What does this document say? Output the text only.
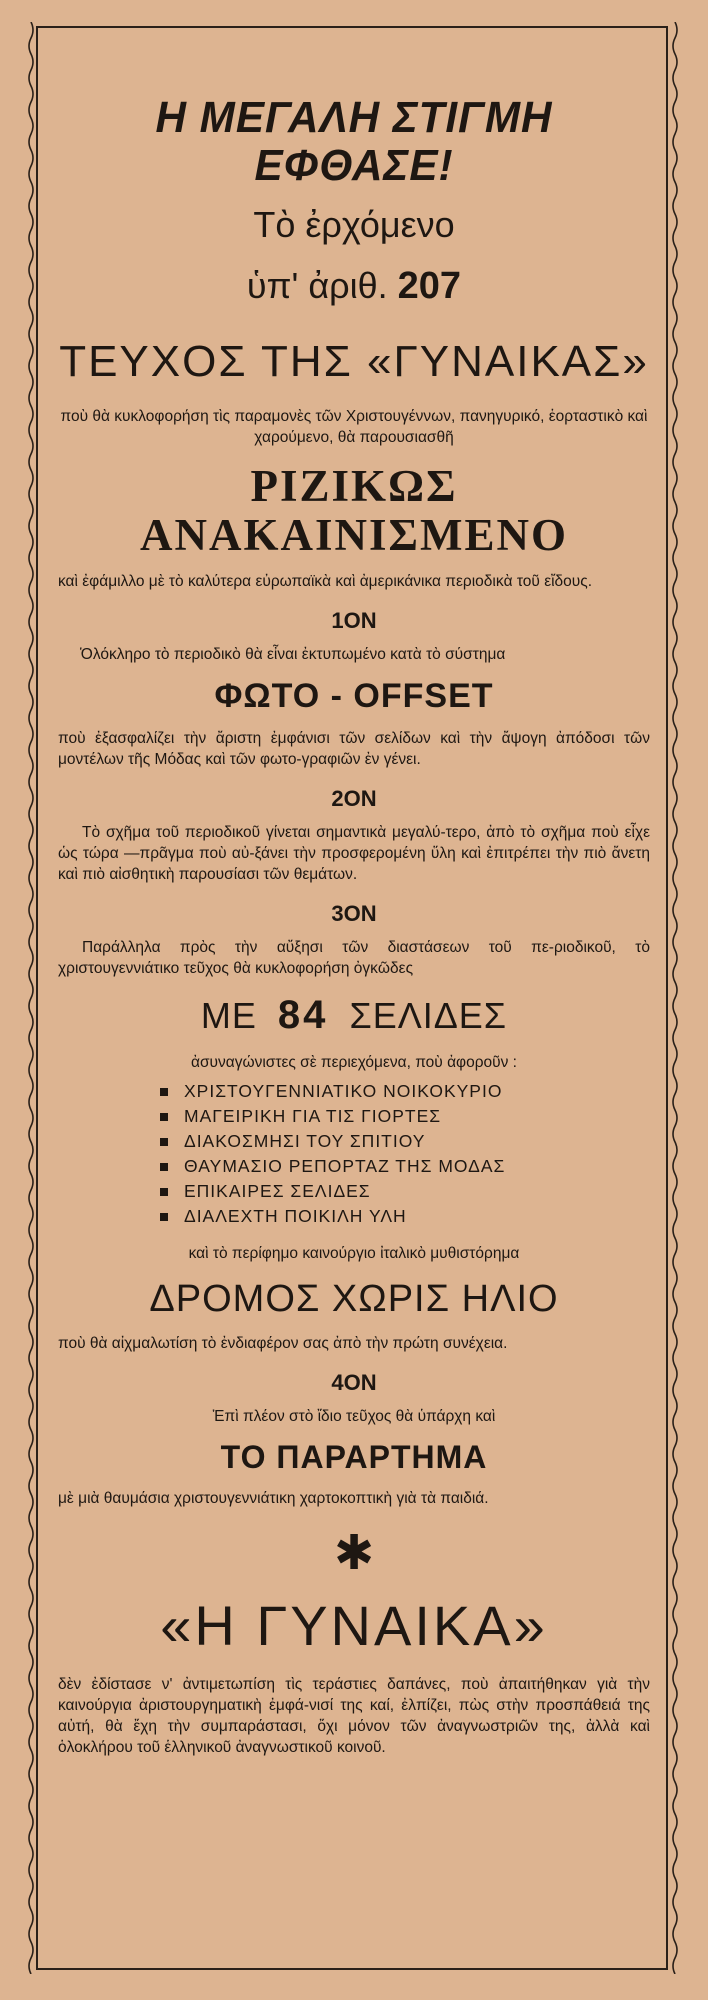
Η ΜΕΓΑΛΗ ΣΤΙΓΜΗ ΕΦΘΑΣΕ!
Τὸ ἐρχόμενο
ὑπ' ἀριθ. 207
ΤΕΥΧΟΣ ΤΗΣ «ΓΥΝΑΙΚΑΣ»

ποὺ θὰ κυκλοφορήση τὶς παραμονὲς τῶν Χριστουγέννων, πανηγυρικό, ἑορταστικὸ καὶ χαρούμενο, θὰ παρουσιασθῆ

ΡΙΖΙΚΩΣ ΑΝΑΚΑΙΝΙΣΜΕΝΟ

καὶ ἐφάμιλλο μὲ τὸ καλύτερα εὐρωπαϊκὰ καὶ ἀμερικάνικα περιοδικὰ τοῦ εἴδους.

1ΟΝ

Ὁλόκληρο τὸ περιοδικὸ θὰ εἶναι ἐκτυπωμένο κατὰ τὸ σύστημα

ΦΩΤΟ - OFFSET

ποὺ ἐξασφαλίζει τὴν ἄριστη ἐμφάνισι τῶν σελίδων καὶ τὴν ἄψογη ἀπόδοσι τῶν μοντέλων τῆς Μόδας καὶ τῶν φωτο-γραφιῶν ἐν γένει.

2ΟΝ

Τὸ σχῆμα τοῦ περιοδικοῦ γίνεται σημαντικὰ μεγαλύ-τερο, ἀπὸ τὸ σχῆμα ποὺ εἶχε ὡς τώρα —πρᾶγμα ποὺ αὐ-ξάνει τὴν προσφερομένη ὕλη καὶ ἐπιτρέπει τὴν πιὸ ἄνετη καὶ πιὸ αἰσθητικὴ παρουσίασι τῶν θεμάτων.

3ΟΝ

Παράλληλα πρὸς τὴν αὔξησι τῶν διαστάσεων τοῦ πε-ριοδικοῦ, τὸ χριστουγεννιάτικο τεῦχος θὰ κυκλοφορήση ὀγκῶδες

ΜΕ 84 ΣΕΛΙΔΕΣ

ἀσυναγώνιστες σὲ περιεχόμενα, ποὺ ἀφοροῦν :

ΧΡΙΣΤΟΥΓΕΝΝΙΑΤΙΚΟ ΝΟΙΚΟΚΥΡΙΟ
ΜΑΓΕΙΡΙΚΗ ΓΙΑ ΤΙΣ ΓΙΟΡΤΕΣ
ΔΙΑΚΟΣΜΗΣΙ ΤΟΥ ΣΠΙΤΙΟΥ
ΘΑΥΜΑΣΙΟ ΡΕΠΟΡΤΑΖ ΤΗΣ ΜΟΔΑΣ
ΕΠΙΚΑΙΡΕΣ ΣΕΛΙΔΕΣ
ΔΙΑΛΕΧΤΗ ΠΟΙΚΙΛΗ ΥΛΗ

καὶ τὸ περίφημο καινούργιο ἰταλικὸ μυθιστόρημα

ΔΡΟΜΟΣ ΧΩΡΙΣ ΗΛΙΟ

ποὺ θὰ αἰχμαλωτίση τὸ ἐνδιαφέρον σας ἀπὸ τὴν πρώτη συνέχεια.

4ΟΝ

Ἐπὶ πλέον στὸ ἴδιο τεῦχος θὰ ὑπάρχη καὶ

ΤΟ ΠΑΡΑΡΤΗΜΑ

μὲ μιὰ θαυμάσια χριστουγεννιάτικη χαρτοκοπτικὴ γιὰ τὰ παιδιά.

✱
«Η ΓΥΝΑΙΚΑ»

δὲν ἐδίστασε ν' ἀντιμετωπίση τὶς τεράστιες δαπάνες, ποὺ ἀπαιτήθηκαν γιὰ τὴν καινούργια ἀριστουργηματικὴ ἐμφά-νισί της καί, ἐλπίζει, πὼς στὴν προσπάθειά της αὐτή, θὰ ἔχη τὴν συμπαράστασι, ὄχι μόνον τῶν ἀναγνωστριῶν της, ἀλλὰ καὶ ὁλοκλήρου τοῦ ἑλληνικοῦ ἀναγνωστικοῦ κοινοῦ.
